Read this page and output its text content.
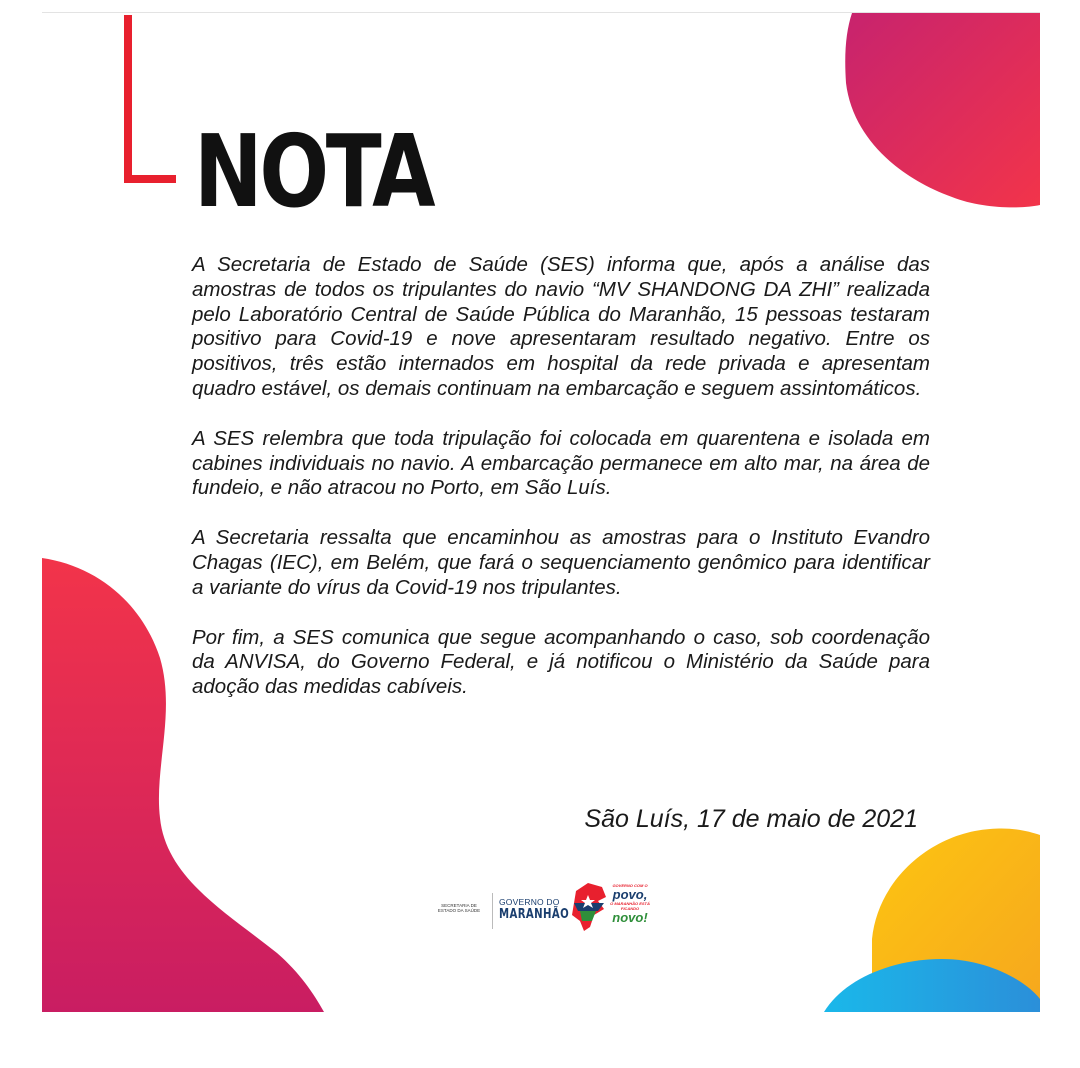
NOTA

A Secretaria de Estado de Saúde (SES) informa que, após a análise das amostras de todos os tripulantes do navio “MV SHANDONG DA ZHI” realizada pelo Laboratório Central de Saúde Pública do Maranhão, 15 pessoas testaram positivo para Covid-19 e nove apresentaram resultado negativo. Entre os positivos, três estão internados em hospital da rede privada e apresentam quadro estável, os demais continuam na embarcação e seguem assintomáticos.

A SES relembra que toda tripulação foi colocada em quarentena e isolada em cabines individuais no navio. A embarcação permanece em alto mar, na área de fundeio, e não atracou no Porto, em São Luís.

A Secretaria ressalta que encaminhou as amostras para o Instituto Evandro Chagas (IEC), em Belém, que fará o sequenciamento genômico para identificar a variante do vírus da Covid-19 nos tripulantes.

Por fim, a SES comunica que segue acompanhando o caso, sob coordenação da ANVISA, do Governo Federal, e já notificou o Ministério da Saúde para adoção das medidas cabíveis.

São Luís, 17 de maio de 2021

SECRETARIA DE ESTADO DA SAÚDE
GOVERNO DO
MARANHÃO
GOVERNO COM O
povo,
O MARANHÃO ESTÁ FICANDO
novo!
